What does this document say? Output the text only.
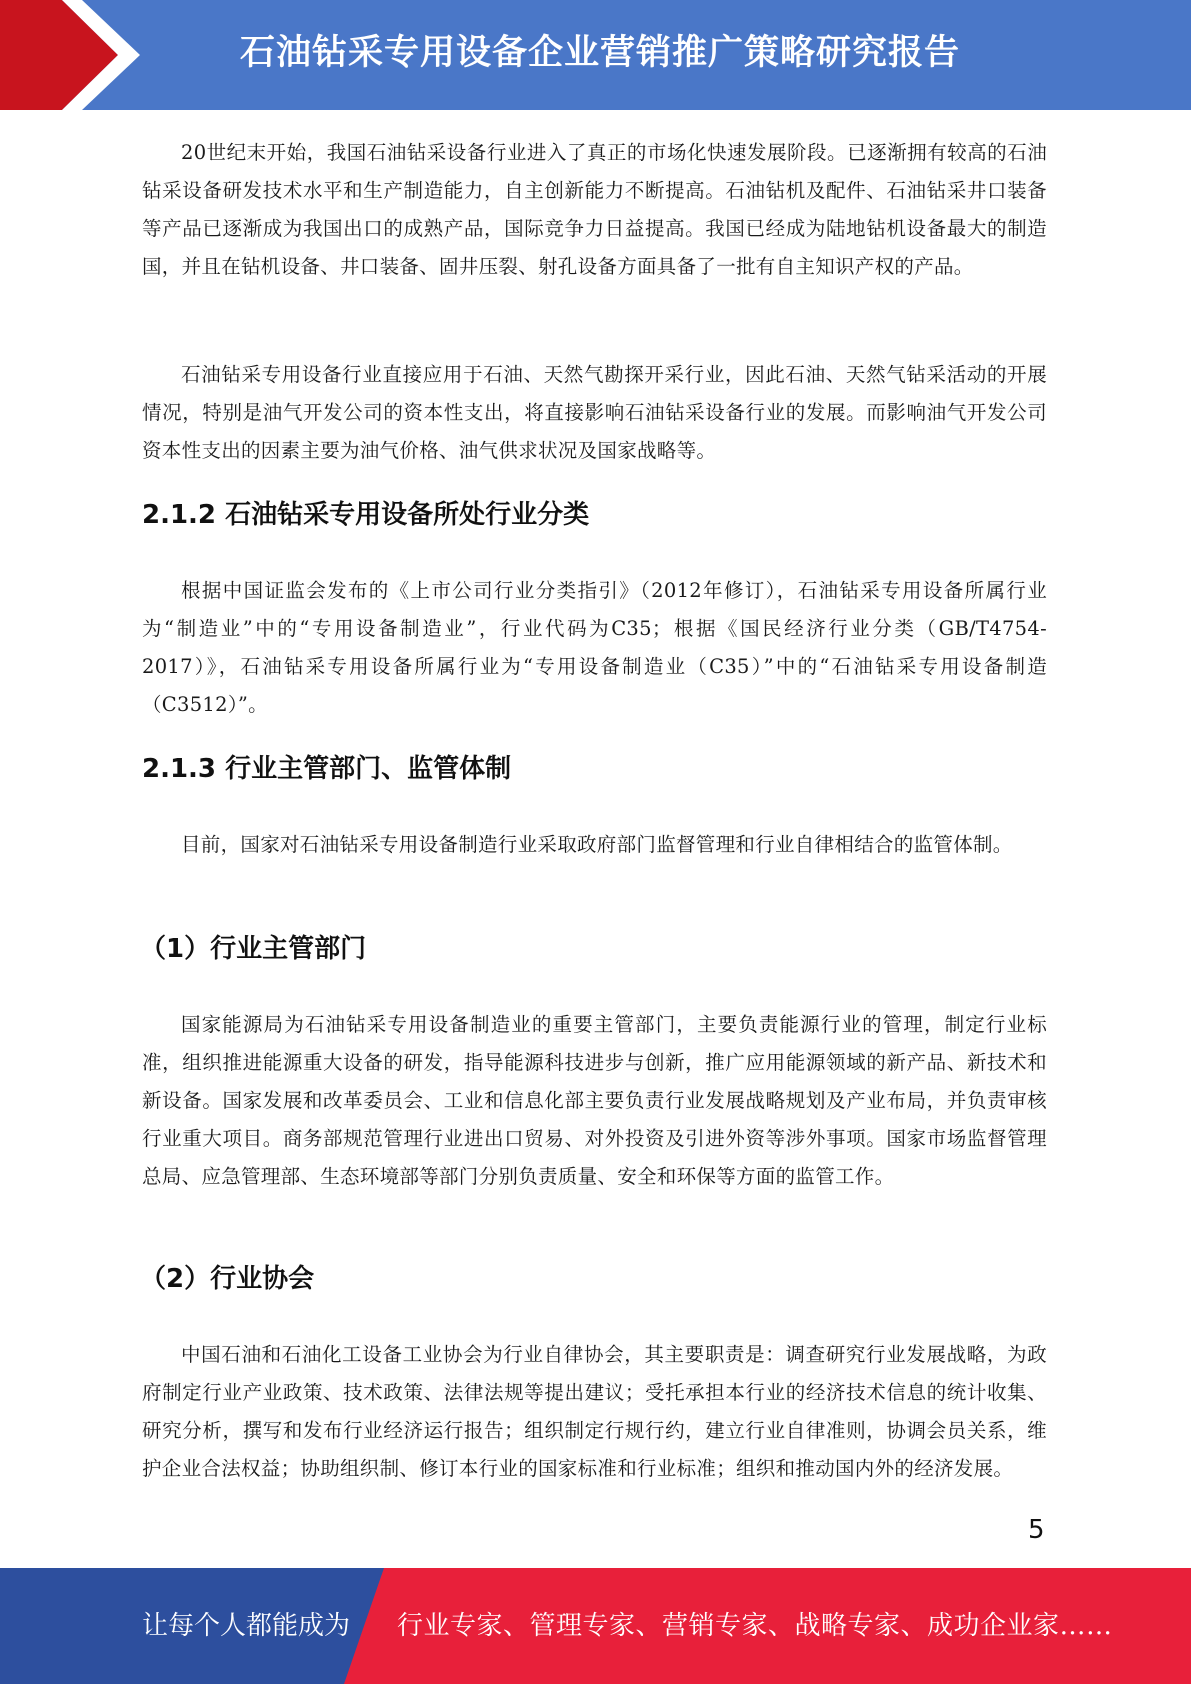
石油钻采专用设备企业营销推广策略研究报告

20世纪末开始，我国石油钻采设备行业进入了真正的市场化快速发展阶段。已逐渐拥有较高的石油钻采设备研发技术水平和生产制造能力，自主创新能力不断提高。石油钻机及配件、石油钻采井口装备等产品已逐渐成为我国出口的成熟产品，国际竞争力日益提高。我国已经成为陆地钻机设备最大的制造国，并且在钻机设备、井口装备、固井压裂、射孔设备方面具备了一批有自主知识产权的产品。

石油钻采专用设备行业直接应用于石油、天然气勘探开采行业，因此石油、天然气钻采活动的开展情况，特别是油气开发公司的资本性支出，将直接影响石油钻采设备行业的发展。而影响油气开发公司资本性支出的因素主要为油气价格、油气供求状况及国家战略等。

2.1.2 石油钻采专用设备所处行业分类

根据中国证监会发布的《上市公司行业分类指引》（2012年修订），石油钻采专用设备所属行业为“制造业”中的“专用设备制造业”，行业代码为C35；根据《国民经济行业分类（GB/T4754-2017）》，石油钻采专用设备所属行业为“专用设备制造业（C35）”中的“石油钻采专用设备制造（C3512）”。

2.1.3 行业主管部门、监管体制

目前，国家对石油钻采专用设备制造行业采取政府部门监督管理和行业自律相结合的监管体制。

（1）行业主管部门

国家能源局为石油钻采专用设备制造业的重要主管部门，主要负责能源行业的管理，制定行业标准，组织推进能源重大设备的研发，指导能源科技进步与创新，推广应用能源领域的新产品、新技术和新设备。国家发展和改革委员会、工业和信息化部主要负责行业发展战略规划及产业布局，并负责审核行业重大项目。商务部规范管理行业进出口贸易、对外投资及引进外资等涉外事项。国家市场监督管理总局、应急管理部、生态环境部等部门分别负责质量、安全和环保等方面的监管工作。

（2）行业协会

中国石油和石油化工设备工业协会为行业自律协会，其主要职责是：调查研究行业发展战略，为政府制定行业产业政策、技术政策、法律法规等提出建议；受托承担本行业的经济技术信息的统计收集、研究分析，撰写和发布行业经济运行报告；组织制定行规行约，建立行业自律准则，协调会员关系，维护企业合法权益；协助组织制、修订本行业的国家标准和行业标准；组织和推动国内外的经济发展。

5
让每个人都能成为 行业专家、管理专家、营销专家、战略专家、成功企业家……
